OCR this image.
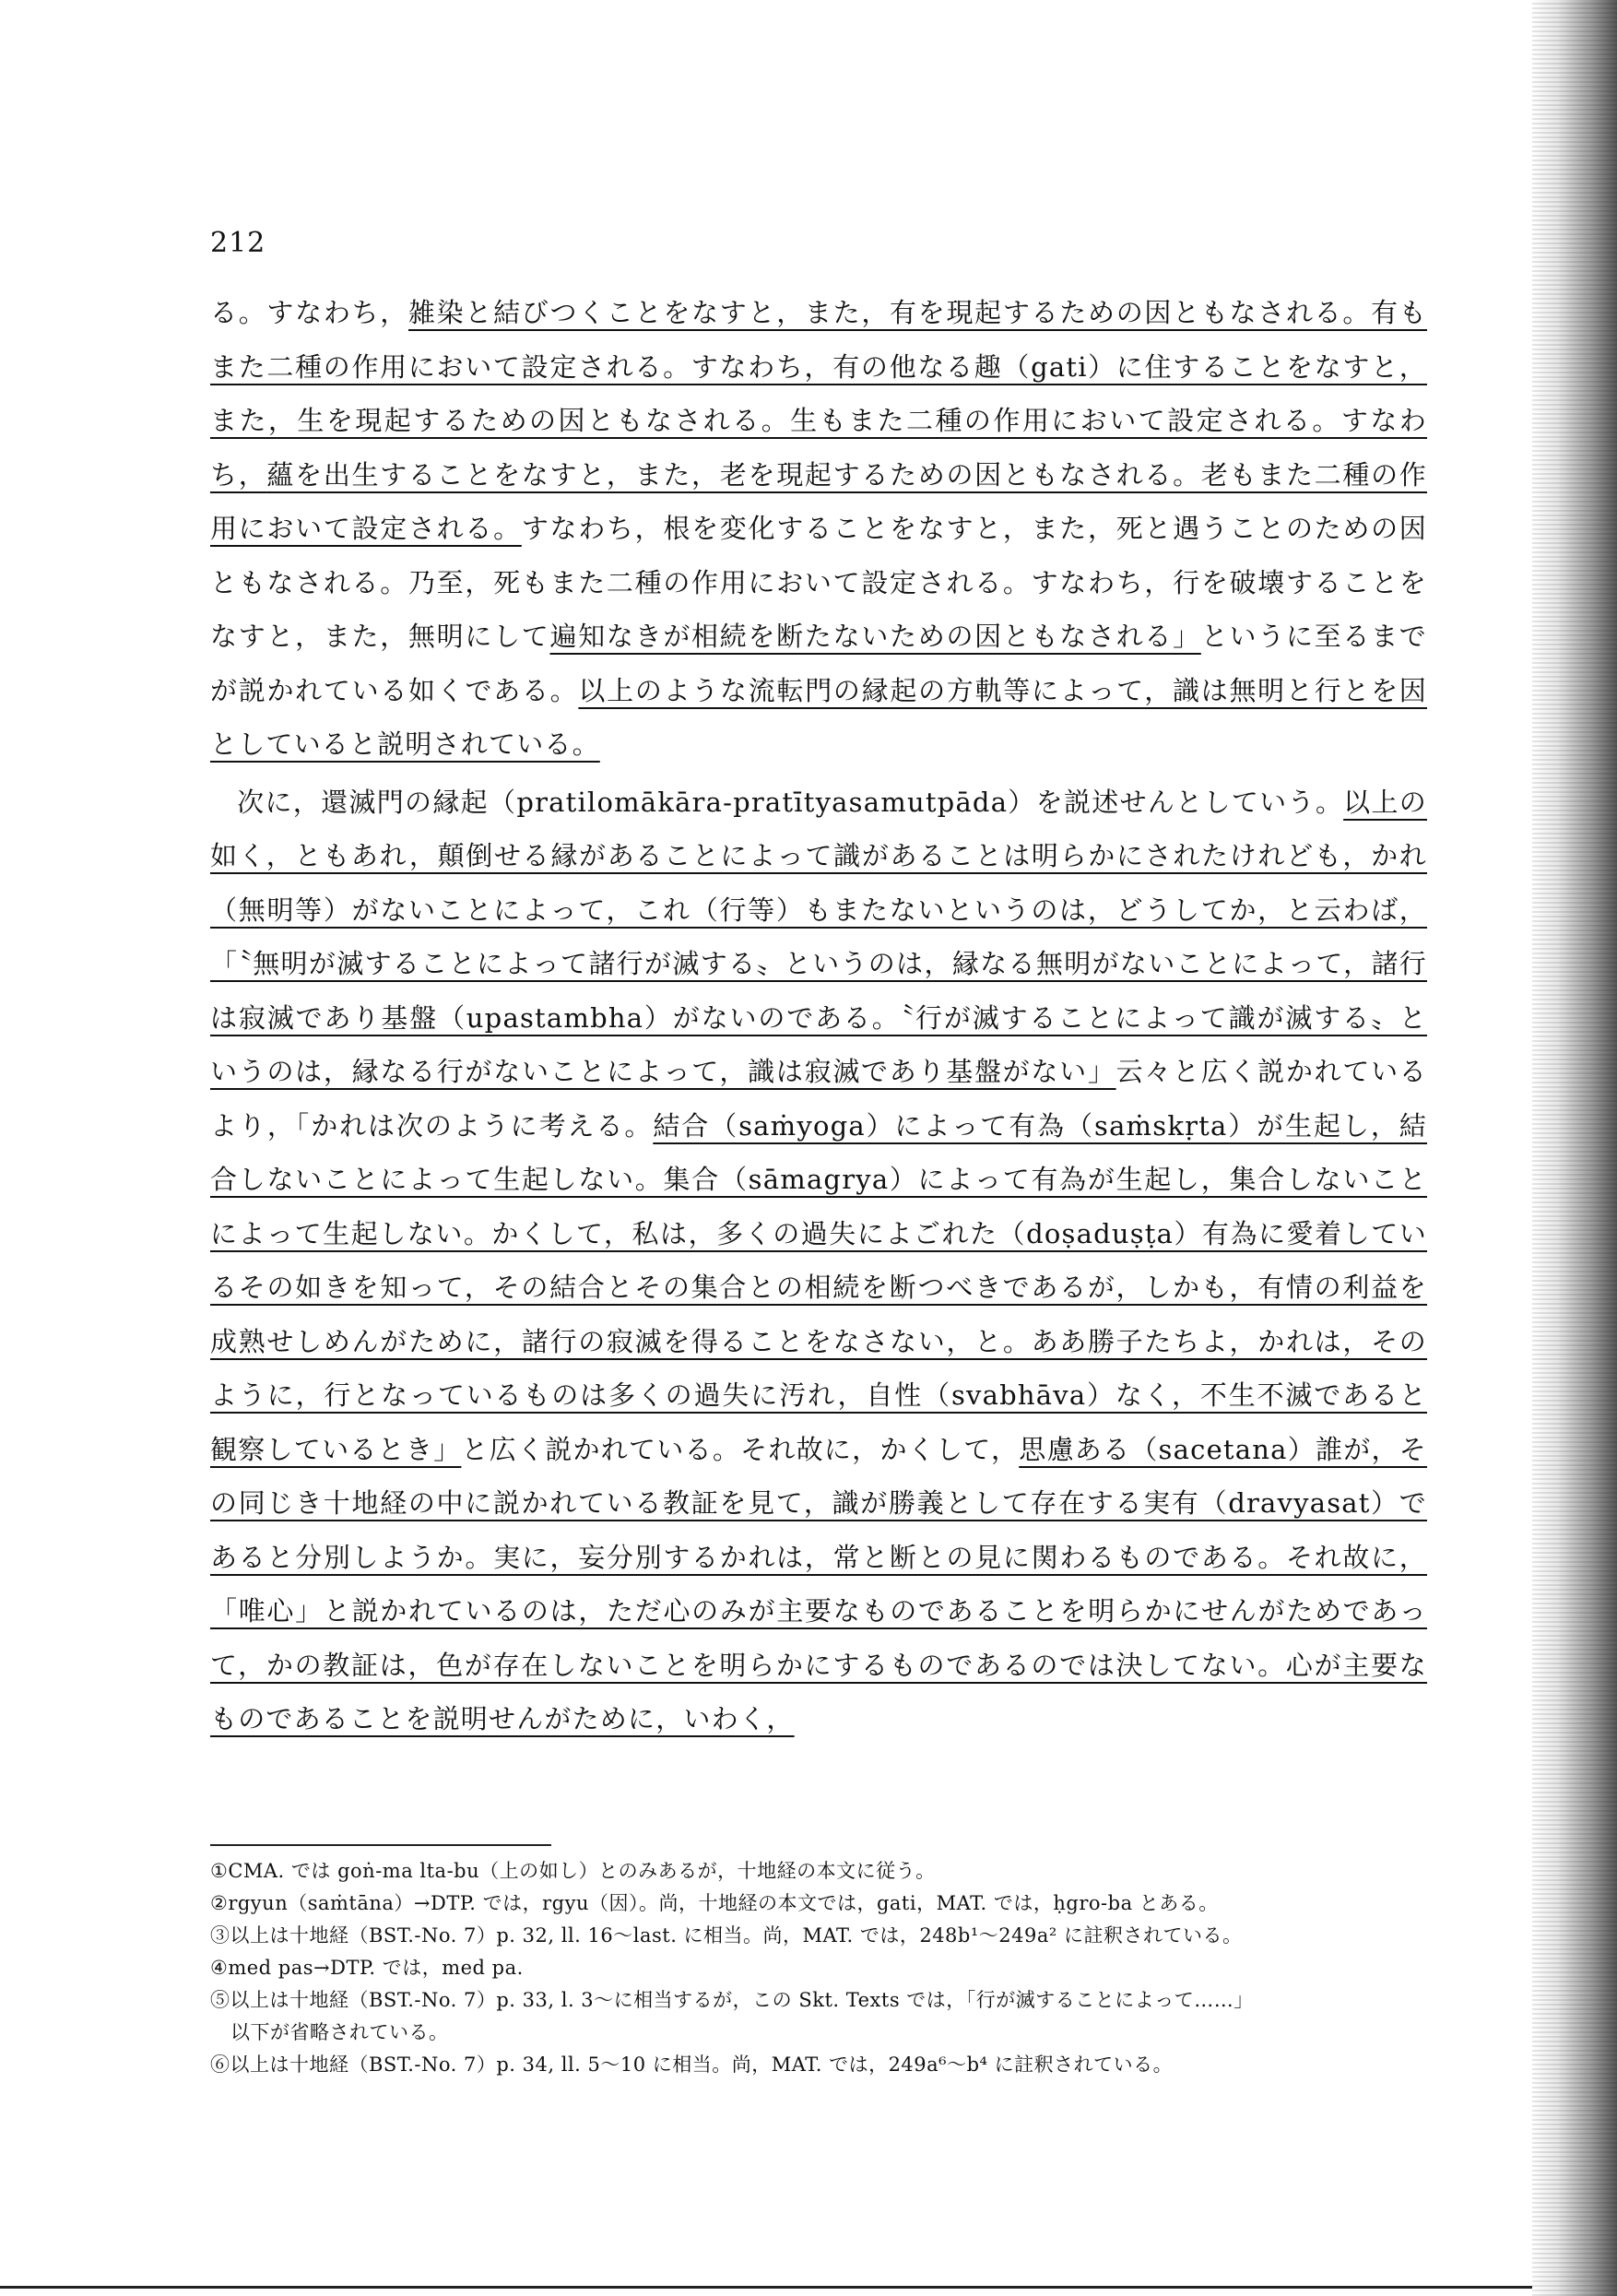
212

る。すなわち，雑染と結びつくことをなすと，また，有を現起するための因ともなされる。有もまた二種の作用において設定される。すなわち，有の他なる趣（gati）に住することをなすと，また，生を現起するための因ともなされる。生もまた二種の作用において設定される。すなわち，蘊を出生することをなすと，また，老を現起するための因ともなされる。老もまた二種の作用において設定される。すなわち，根を変化することをなすと，また，死と遇うことのための因ともなされる。乃至，死もまた二種の作用において設定される。すなわち，行を破壊することをなすと，また，無明にして遍知なきが相続を断たないための因ともなされる」というに至るまでが説かれている如くである。以上のような流転門の縁起の方軌等によって，識は無明と行とを因としていると説明されている。

次に，還滅門の縁起（pratilomākāra-pratītyasamutpāda）を説述せんとしていう。以上の如く，ともあれ，顛倒せる縁があることによって識があることは明らかにされたけれども，かれ（無明等）がないことによって，これ（行等）もまたないというのは，どうしてか，と云わば，「〝無明が滅することによって諸行が滅する〟というのは，縁なる無明がないことによって，諸行は寂滅であり基盤（upastambha）がないのである。〝行が滅することによって識が滅する〟というのは，縁なる行がないことによって，識は寂滅であり基盤がない」云々と広く説かれているより，「かれは次のように考える。結合（saṁyoga）によって有為（saṁskṛta）が生起し，結合しないことによって生起しない。集合（sāmagrya）によって有為が生起し，集合しないことによって生起しない。かくして，私は，多くの過失によごれた（doṣaduṣṭa）有為に愛着しているその如きを知って，その結合とその集合との相続を断つべきであるが，しかも，有情の利益を成熟せしめんがために，諸行の寂滅を得ることをなさない，と。ああ勝子たちよ，かれは，そのように，行となっているものは多くの過失に汚れ，自性（svabhāva）なく，不生不滅であると観察しているとき」と広く説かれている。それ故に，かくして，思慮ある（sacetana）誰が，その同じき十地経の中に説かれている教証を見て，識が勝義として存在する実有（dravyasat）であると分別しようか。実に，妄分別するかれは，常と断との見に関わるものである。それ故に，「唯心」と説かれているのは，ただ心のみが主要なものであることを明らかにせんがためであって，かの教証は，色が存在しないことを明らかにするものであるのでは決してない。心が主要なものであることを説明せんがために，いわく，

①CMA. では goṅ-ma lta-bu（上の如し）とのみあるが，十地経の本文に従う。

②rgyun（saṁtāna）→DTP. では，rgyu（因）。尚，十地経の本文では，gati，MAT. では，ḥgro-ba とある。

③以上は十地経（BST.-No. 7）p. 32, ll. 16〜last. に相当。尚，MAT. では，248b¹〜249a² に註釈されている。

④med pas→DTP. では，med pa.

⑤以上は十地経（BST.-No. 7）p. 33, l. 3〜に相当するが，この Skt. Texts では，「行が滅することによって……」

以下が省略されている。

⑥以上は十地経（BST.-No. 7）p. 34, ll. 5〜10 に相当。尚，MAT. では，249a⁶〜b⁴ に註釈されている。
